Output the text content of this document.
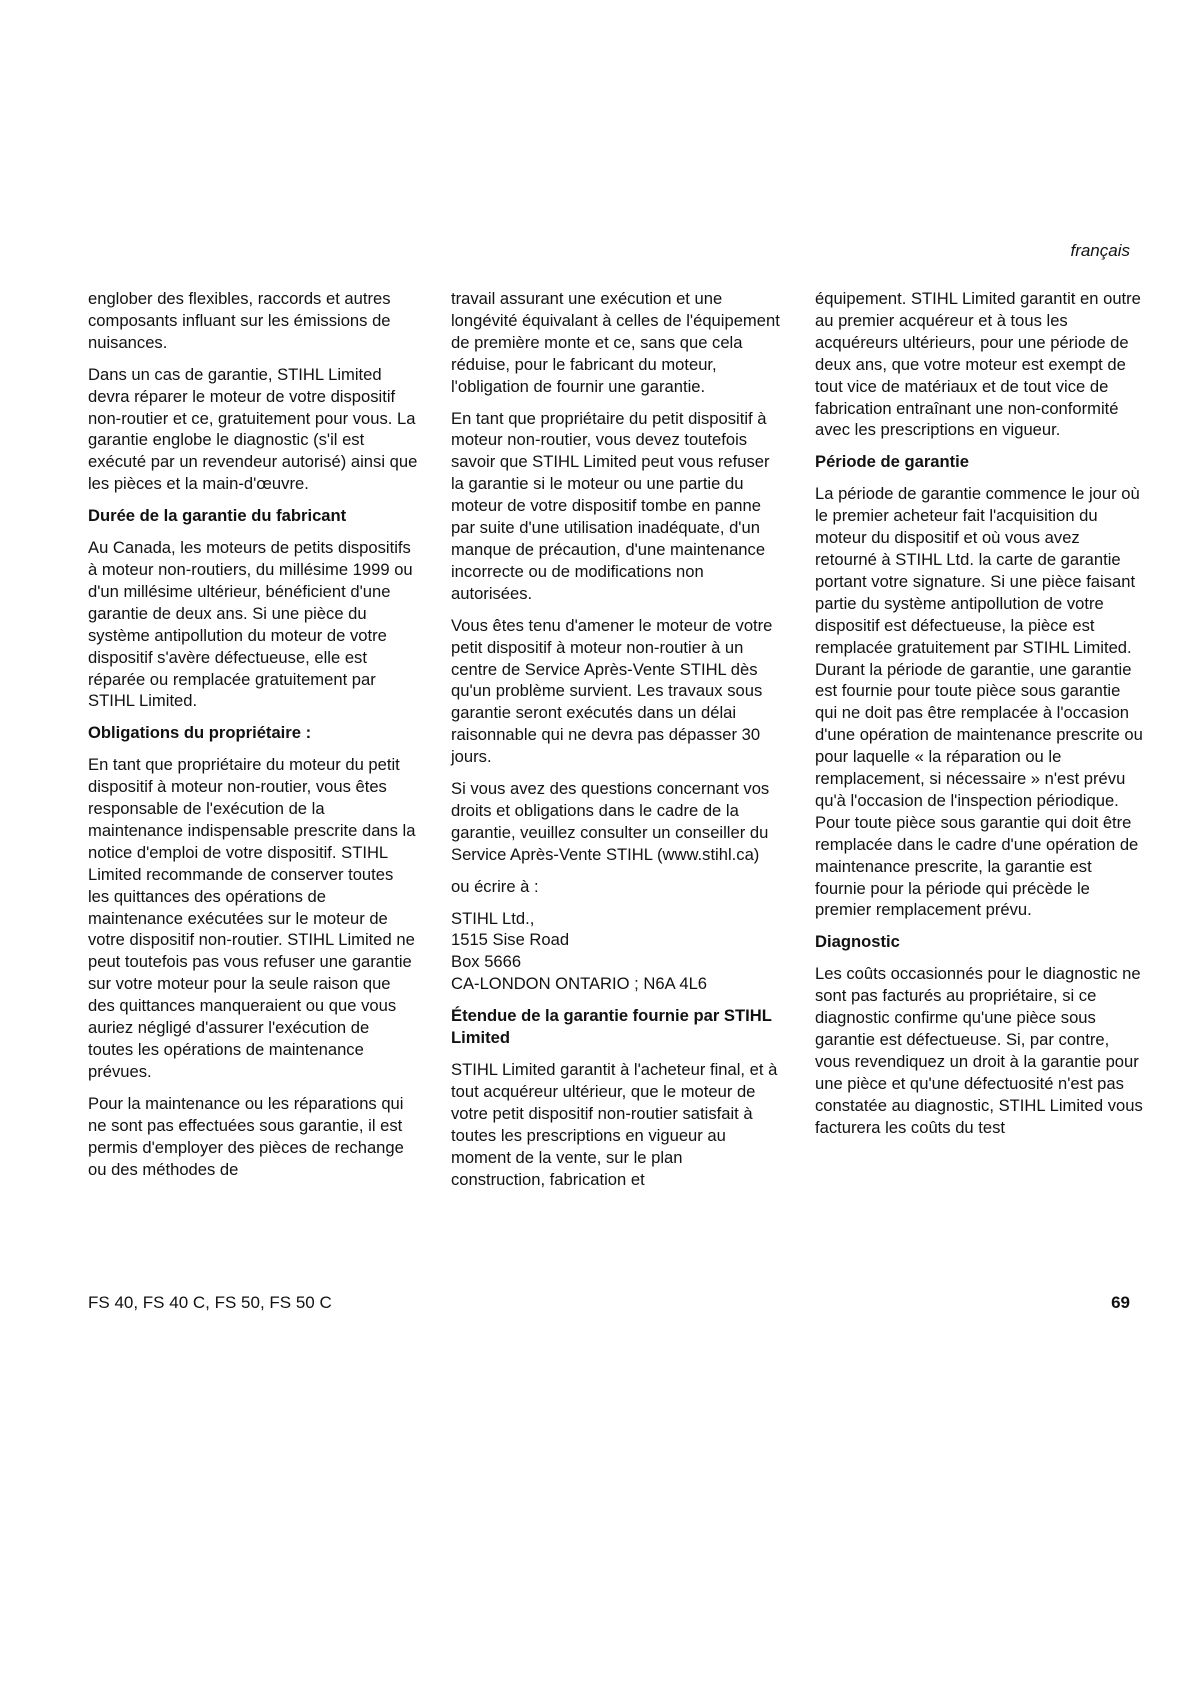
français

englober des flexibles, raccords et autres composants influant sur les émissions de nuisances.

Dans un cas de garantie, STIHL Limited devra réparer le moteur de votre dispositif non-routier et ce, gratuitement pour vous. La garantie englobe le diagnostic (s'il est exécuté par un revendeur autorisé) ainsi que les pièces et la main-d'œuvre.

Durée de la garantie du fabricant

Au Canada, les moteurs de petits dispositifs à moteur non-routiers, du millésime 1999 ou d'un millésime ultérieur, bénéficient d'une garantie de deux ans. Si une pièce du système antipollution du moteur de votre dispositif s'avère défectueuse, elle est réparée ou remplacée gratuitement par STIHL Limited.

Obligations du propriétaire :

En tant que propriétaire du moteur du petit dispositif à moteur non-routier, vous êtes responsable de l'exécution de la maintenance indispensable prescrite dans la notice d'emploi de votre dispositif. STIHL Limited recommande de conserver toutes les quittances des opérations de maintenance exécutées sur le moteur de votre dispositif non-routier. STIHL Limited ne peut toutefois pas vous refuser une garantie sur votre moteur pour la seule raison que des quittances manqueraient ou que vous auriez négligé d'assurer l'exécution de toutes les opérations de maintenance prévues.

Pour la maintenance ou les réparations qui ne sont pas effectuées sous garantie, il est permis d'employer des pièces de rechange ou des méthodes de

travail assurant une exécution et une longévité équivalant à celles de l'équipement de première monte et ce, sans que cela réduise, pour le fabricant du moteur, l'obligation de fournir une garantie.

En tant que propriétaire du petit dispositif à moteur non-routier, vous devez toutefois savoir que STIHL Limited peut vous refuser la garantie si le moteur ou une partie du moteur de votre dispositif tombe en panne par suite d'une utilisation inadéquate, d'un manque de précaution, d'une maintenance incorrecte ou de modifications non autorisées.

Vous êtes tenu d'amener le moteur de votre petit dispositif à moteur non-routier à un centre de Service Après-Vente STIHL dès qu'un problème survient. Les travaux sous garantie seront exécutés dans un délai raisonnable qui ne devra pas dépasser 30 jours.

Si vous avez des questions concernant vos droits et obligations dans le cadre de la garantie, veuillez consulter un conseiller du Service Après-Vente STIHL (www.stihl.ca)

ou écrire à :

STIHL Ltd.,
1515 Sise Road
Box 5666
CA-LONDON ONTARIO ; N6A 4L6

Étendue de la garantie fournie par STIHL Limited

STIHL Limited garantit à l'acheteur final, et à tout acquéreur ultérieur, que le moteur de votre petit dispositif non-routier satisfait à toutes les prescriptions en vigueur au moment de la vente, sur le plan construction, fabrication et

équipement. STIHL Limited garantit en outre au premier acquéreur et à tous les acquéreurs ultérieurs, pour une période de deux ans, que votre moteur est exempt de tout vice de matériaux et de tout vice de fabrication entraînant une non-conformité avec les prescriptions en vigueur.

Période de garantie

La période de garantie commence le jour où le premier acheteur fait l'acquisition du moteur du dispositif et où vous avez retourné à STIHL Ltd. la carte de garantie portant votre signature. Si une pièce faisant partie du système antipollution de votre dispositif est défectueuse, la pièce est remplacée gratuitement par STIHL Limited. Durant la période de garantie, une garantie est fournie pour toute pièce sous garantie qui ne doit pas être remplacée à l'occasion d'une opération de maintenance prescrite ou pour laquelle « la réparation ou le remplacement, si nécessaire » n'est prévu qu'à l'occasion de l'inspection périodique. Pour toute pièce sous garantie qui doit être remplacée dans le cadre d'une opération de maintenance prescrite, la garantie est fournie pour la période qui précède le premier remplacement prévu.

Diagnostic

Les coûts occasionnés pour le diagnostic ne sont pas facturés au propriétaire, si ce diagnostic confirme qu'une pièce sous garantie est défectueuse. Si, par contre, vous revendiquez un droit à la garantie pour une pièce et qu'une défectuosité n'est pas constatée au diagnostic, STIHL Limited vous facturera les coûts du test

FS 40, FS 40 C, FS 50, FS 50 C	69
